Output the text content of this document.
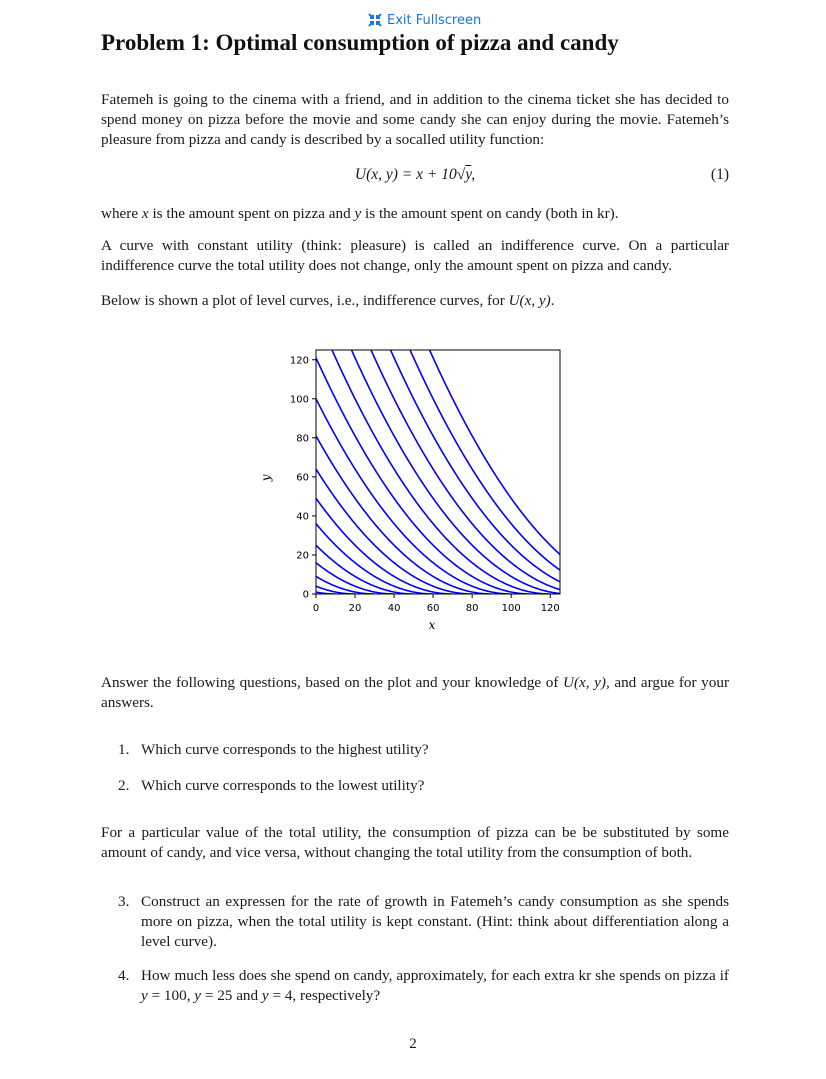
Exit Fullscreen
Problem 1: Optimal consumption of pizza and candy

Fatemeh is going to the cinema with a friend, and in addition to the cinema ticket she has decided to spend money on pizza before the movie and some candy she can enjoy during the movie. Fatemeh’s pleasure from pizza and candy is described by a socalled utility function:

U(x, y) = x + 10√y,	(1)

where x is the amount spent on pizza and y is the amount spent on candy (both in kr).

A curve with constant utility (think: pleasure) is called an indifference curve. On a particular indifference curve the total utility does not change, only the amount spent on pizza and candy.

Below is shown a plot of level curves, i.e., indifference curves, for U(x, y).

0	20	40	60	80 100 120
0
20
40
60
80
100
120
x
y

Answer the following questions, based on the plot and your knowledge of U(x, y), and argue for your answers.

1. Which curve corresponds to the highest utility?
2. Which curve corresponds to the lowest utility?

For a particular value of the total utility, the consumption of pizza can be be substituted by some amount of candy, and vice versa, without changing the total utility from the consumption of both.

3. Construct an expressen for the rate of growth in Fatemeh’s candy consumption as she spends more on pizza, when the total utility is kept constant. (Hint: think about differentiation along a level curve).
4. How much less does she spend on candy, approximately, for each extra kr she spends on pizza if y = 100, y = 25 and y = 4, respectively?
2
